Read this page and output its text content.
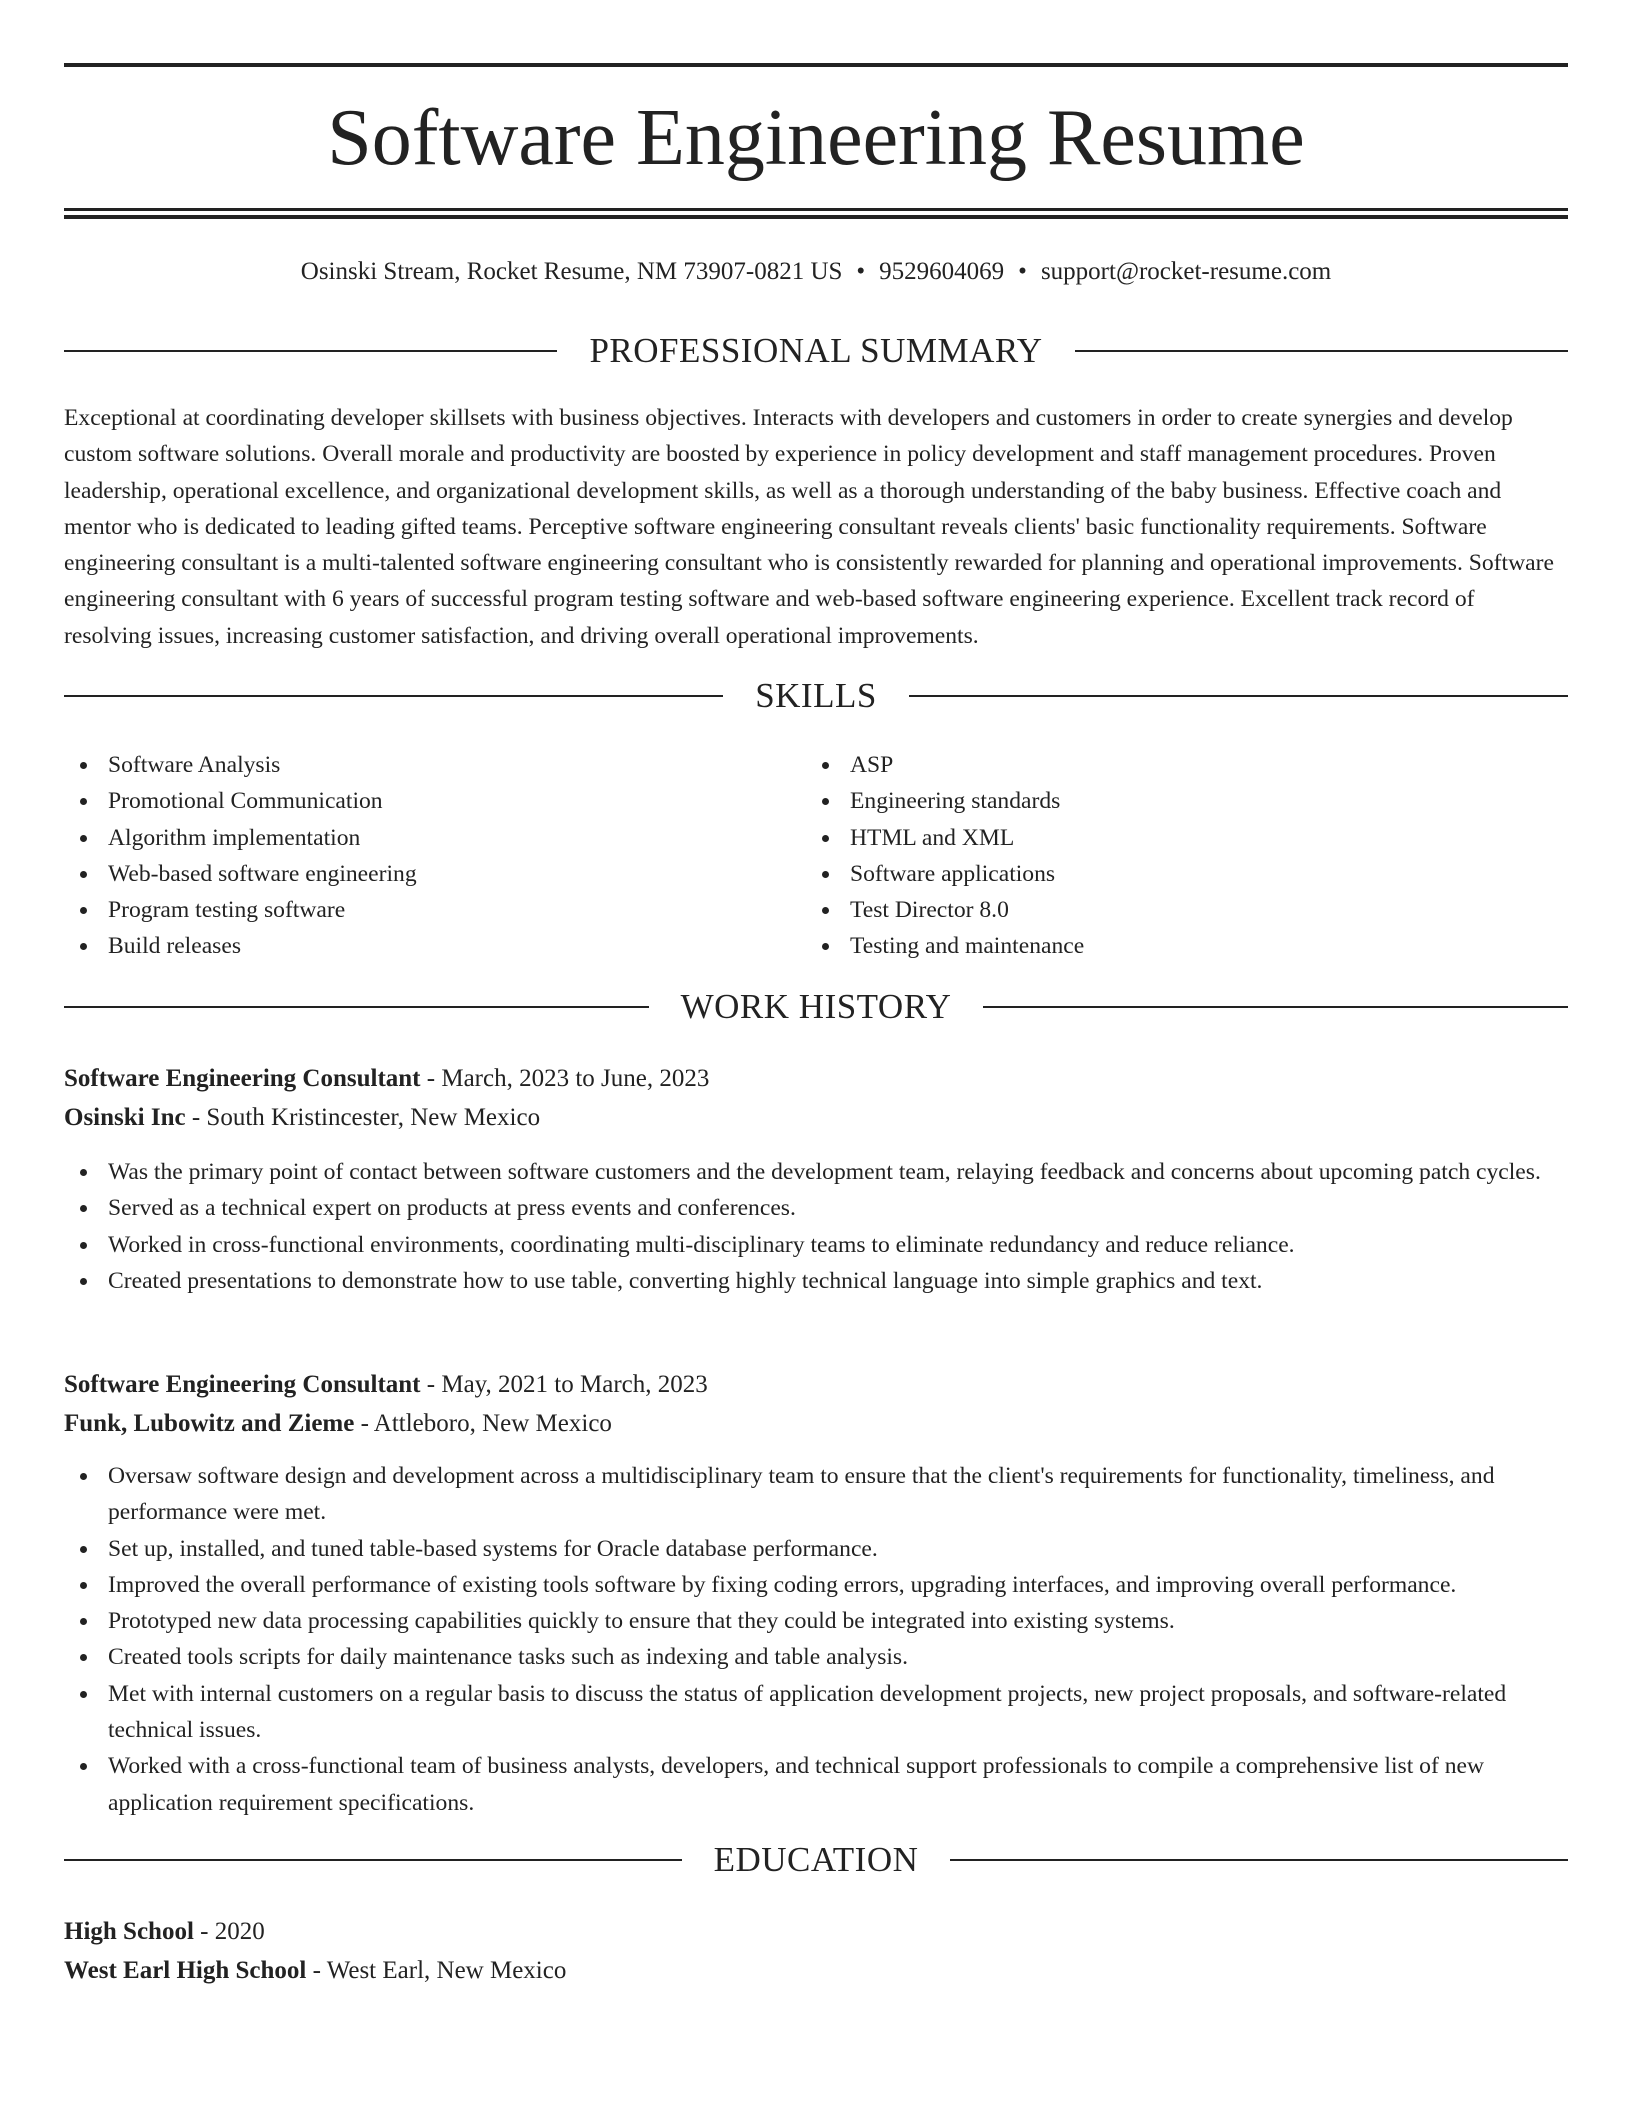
Software Engineering Resume
Osinski Stream, Rocket Resume, NM 73907-0821 US • 9529604069 • support@rocket-resume.com
PROFESSIONAL SUMMARY

Exceptional at coordinating developer skillsets with business objectives. Interacts with developers and customers in order to create synergies and develop custom software solutions. Overall morale and productivity are boosted by experience in policy development and staff management procedures. Proven leadership, operational excellence, and organizational development skills, as well as a thorough understanding of the baby business. Effective coach and mentor who is dedicated to leading gifted teams. Perceptive software engineering consultant reveals clients' basic functionality requirements. Software engineering consultant is a multi-talented software engineering consultant who is consistently rewarded for planning and operational improvements. Software engineering consultant with 6 years of successful program testing software and web-based software engineering experience. Excellent track record of resolving issues, increasing customer satisfaction, and driving overall operational improvements.

SKILLS
Software Analysis
Promotional Communication
Algorithm implementation
Web-based software engineering
Program testing software
Build releases
ASP
Engineering standards
HTML and XML
Software applications
Test Director 8.0
Testing and maintenance
WORK HISTORY
Software Engineering Consultant - March, 2023 to June, 2023
Osinski Inc - South Kristincester, New Mexico
Was the primary point of contact between software customers and the development team, relaying feedback and concerns about upcoming patch cycles.
Served as a technical expert on products at press events and conferences.
Worked in cross-functional environments, coordinating multi-disciplinary teams to eliminate redundancy and reduce reliance.
Created presentations to demonstrate how to use table, converting highly technical language into simple graphics and text.
Software Engineering Consultant - May, 2021 to March, 2023
Funk, Lubowitz and Zieme - Attleboro, New Mexico
Oversaw software design and development across a multidisciplinary team to ensure that the client's requirements for functionality, timeliness, and performance were met.
Set up, installed, and tuned table-based systems for Oracle database performance.
Improved the overall performance of existing tools software by fixing coding errors, upgrading interfaces, and improving overall performance.
Prototyped new data processing capabilities quickly to ensure that they could be integrated into existing systems.
Created tools scripts for daily maintenance tasks such as indexing and table analysis.
Met with internal customers on a regular basis to discuss the status of application development projects, new project proposals, and software-related technical issues.
Worked with a cross-functional team of business analysts, developers, and technical support professionals to compile a comprehensive list of new application requirement specifications.
EDUCATION
High School - 2020
West Earl High School - West Earl, New Mexico
